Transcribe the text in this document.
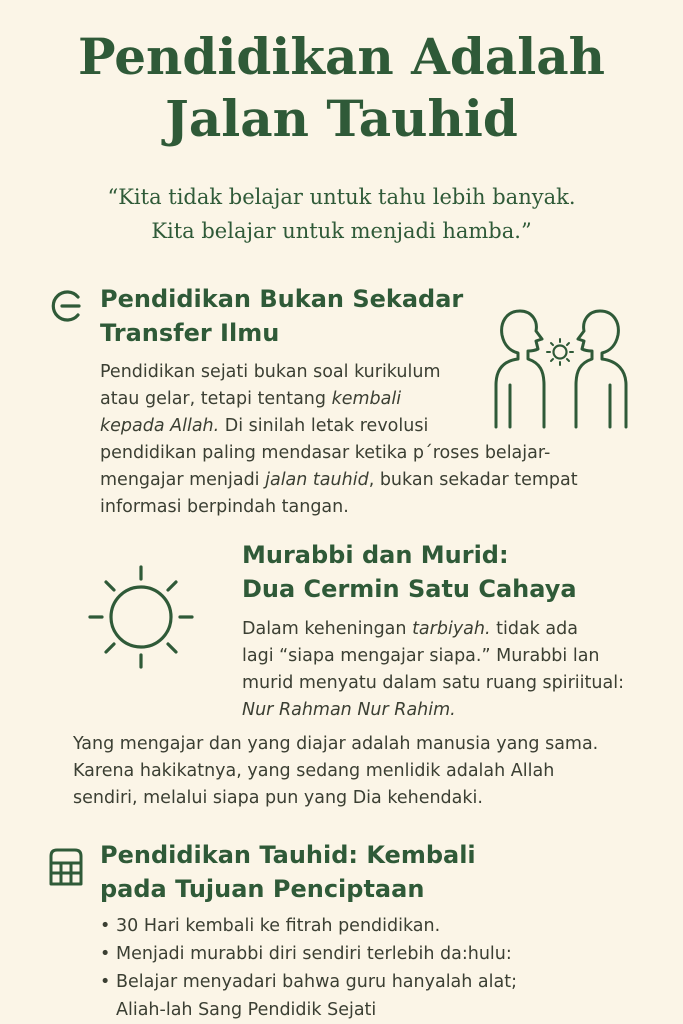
Pendidikan Adalah
Jalan Tauhid
“Kita tidak belajar untuk tahu lebih banyak.
Kita belajar untuk menjadi hamba.”
Pendidikan Bukan Sekadar
Transfer Ilmu
Pendidikan sejati bukan soal kurikulum
atau gelar, tetapi tentang kembali
kepada Allah. Di sinilah letak revolusi
pendidikan paling mendasar ketika pˊroses belajar-
mengajar menjadi jalan tauhid, bukan sekadar tempat
informasi berpindah tangan.
Murabbi dan Murid:
Dua Cermin Satu Cahaya
Dalam keheningan tarbiyah. tidak ada
lagi “siapa mengajar siapa.” Murabbi lan
murid menyatu dalam satu ruang spiriitual:
Nur Rahman Nur Rahim.
Yang mengajar dan yang diajar adalah manusia yang sama.
Karena hakikatnya, yang sedang menlidik adalah Allah
sendiri, melalui siapa pun yang Dia kehendaki.
Pendidikan Tauhid: Kembali
pada Tujuan Penciptaan
• 30 Hari kembali ke fitrah pendidikan.
• Menjadi murabbi diri sendiri terlebih da:hulu:
• Belajar menyadari bahwa guru hanyalah alat;
Aliah-lah Sang Pendidik Sejati
